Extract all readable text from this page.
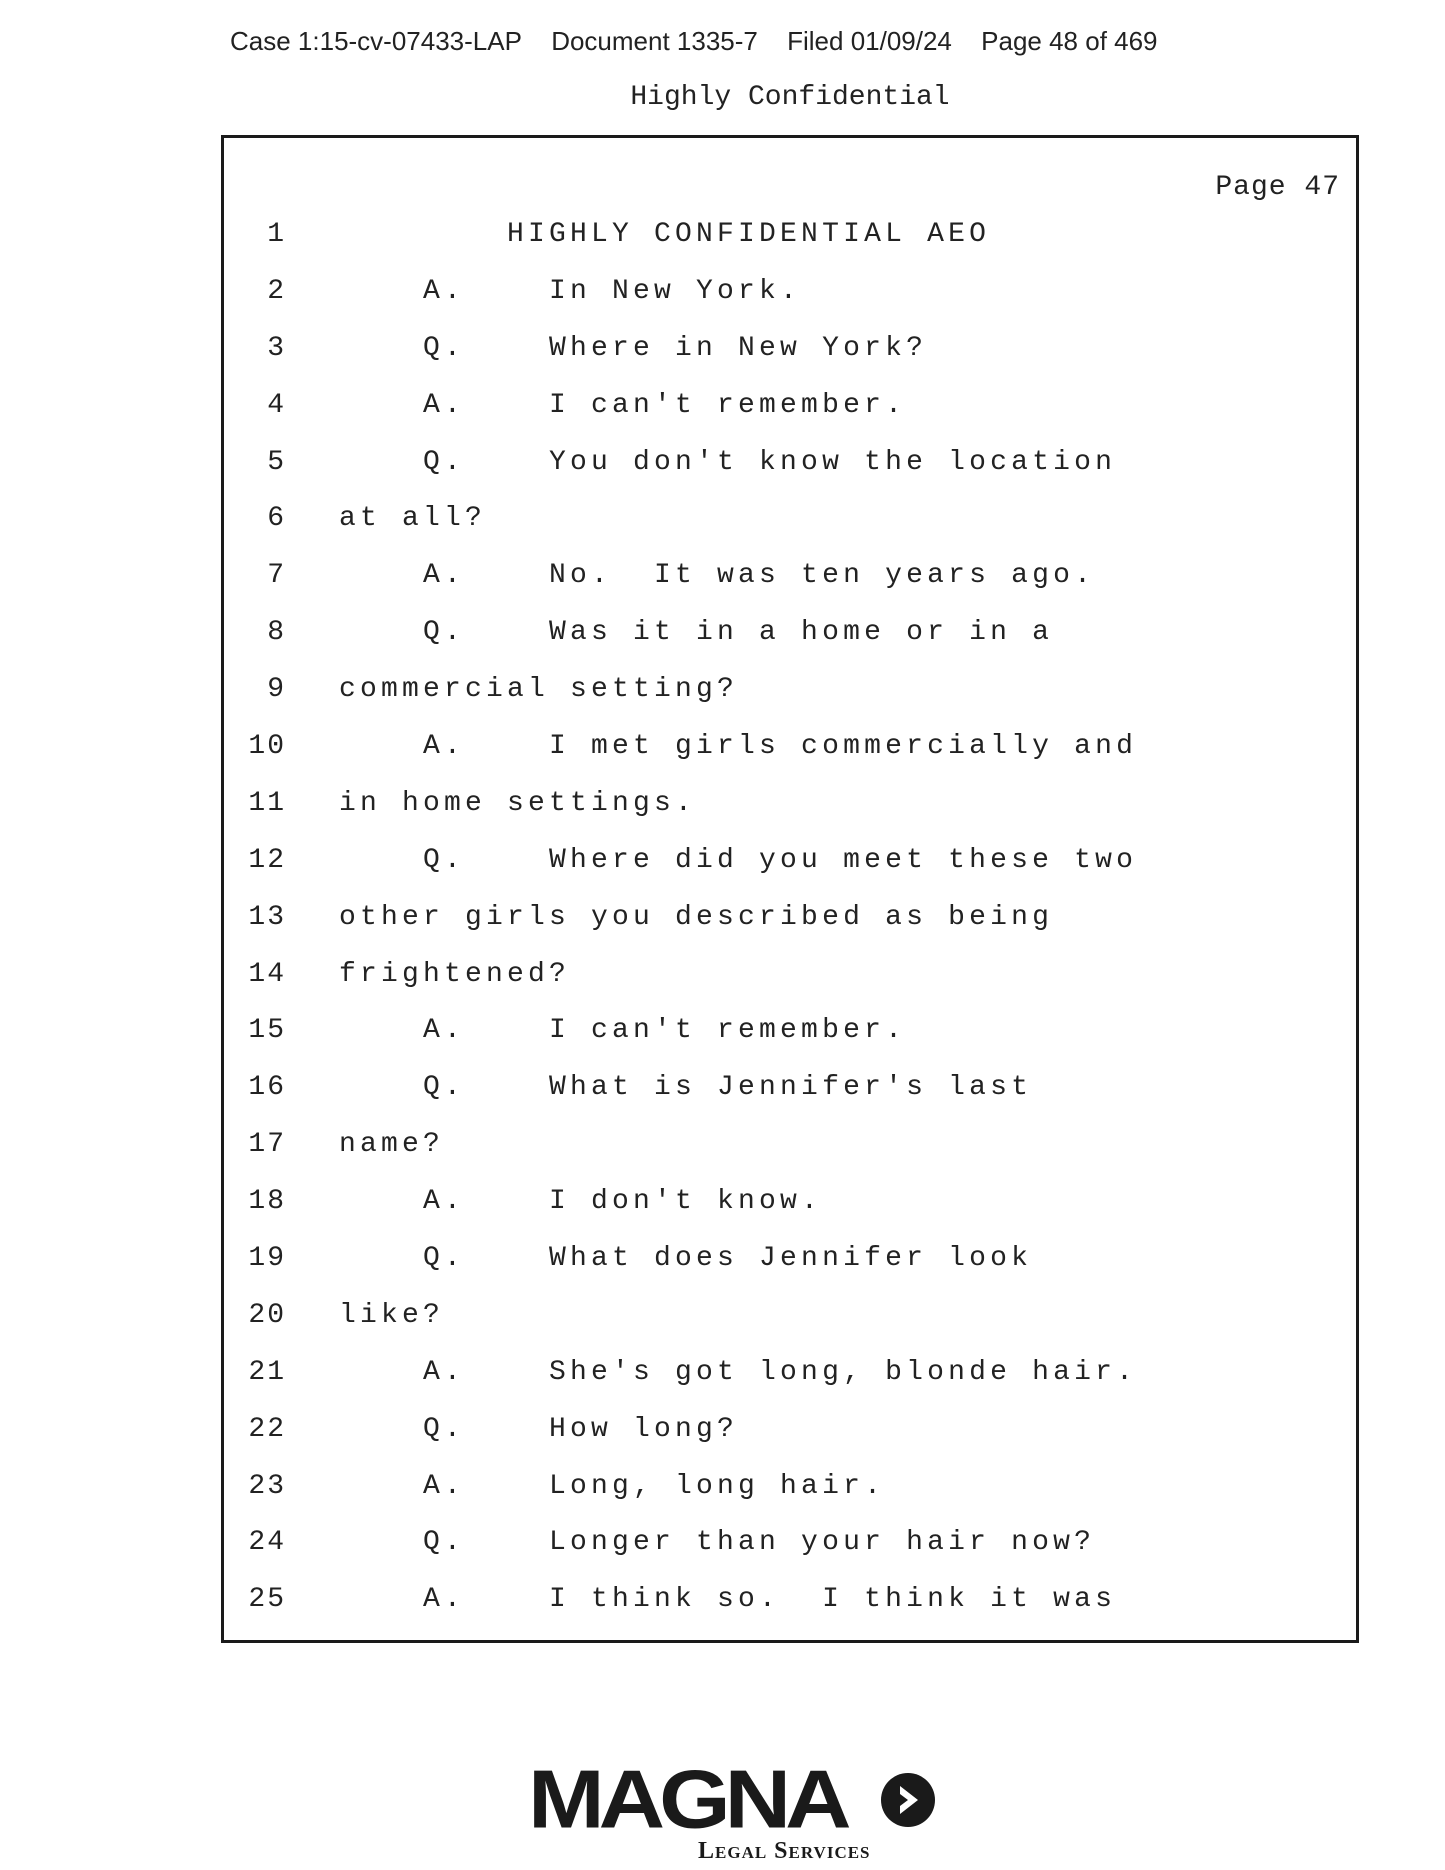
Case 1:15-cv-07433-LAP Document 1335-7 Filed 01/09/24 Page 48 of 469
Highly Confidential
Page 47
1 HIGHLY CONFIDENTIAL AEO
2 A.    In New York.
3 Q.    Where in New York?
4 A.    I can't remember.
5 Q.    You don't know the location
6 at all?
7 A.    No.  It was ten years ago.
8 Q.    Was it in a home or in a
9 commercial setting?
10 A.    I met girls commercially and
11 in home settings.
12 Q.    Where did you meet these two
13 other girls you described as being
14 frightened?
15 A.    I can't remember.
16 Q.    What is Jennifer's last
17 name?
18 A.    I don't know.
19 Q.    What does Jennifer look
20 like?
21 A.    She's got long, blonde hair.
22 Q.    How long?
23 A.    Long, long hair.
24 Q.    Longer than your hair now?
25 A.    I think so.  I think it was
MAGNA
Legal Services
